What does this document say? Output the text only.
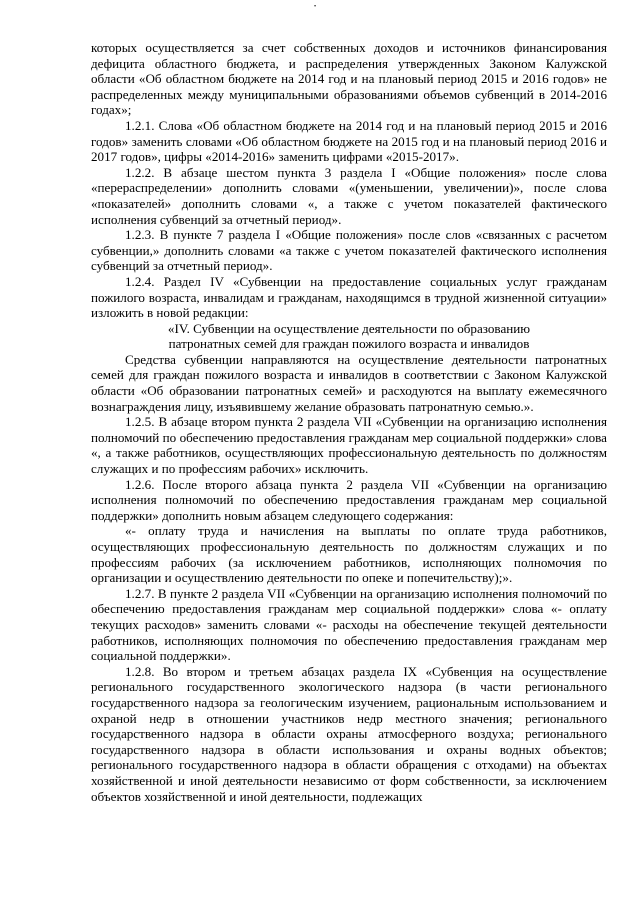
•

которых осуществляется за счет собственных доходов и источников финансирования дефицита областного бюджета, и распределения утвержденных Законом Калужской области «Об областном бюджете на 2014 год и на плановый период 2015 и 2016 годов» не распределенных между муниципальными образованиями объемов субвенций в 2014-2016 годах»;

1.2.1. Слова «Об областном бюджете на 2014 год и на плановый период 2015 и 2016 годов» заменить словами «Об областном бюджете на 2015 год и на плановый период 2016 и 2017 годов», цифры «2014-2016» заменить цифрами «2015-2017».

1.2.2. В абзаце шестом пункта 3 раздела I «Общие положения» после слова «перераспределении» дополнить словами «(уменьшении, увеличении)», после слова «показателей» дополнить словами «, а также с учетом показателей фактического исполнения субвенций за отчетный период».

1.2.3. В пункте 7 раздела I «Общие положения» после слов «связанных с расчетом субвенции,» дополнить словами «а также с учетом показателей фактического исполнения субвенций за отчетный период».

1.2.4. Раздел IV «Субвенции на предоставление социальных услуг гражданам пожилого возраста, инвалидам и гражданам, находящимся в трудной жизненной ситуации» изложить в новой редакции:

«IV. Субвенции на осуществление деятельности по образованию патронатных семей для граждан пожилого возраста и инвалидов

Средства субвенции направляются на осуществление деятельности патронатных семей для граждан пожилого возраста и инвалидов в соответствии с Законом Калужской области «Об образовании патронатных семей» и расходуются на выплату ежемесячного вознаграждения лицу, изъявившему желание образовать патронатную семью.».

1.2.5. В абзаце втором пункта 2 раздела VII «Субвенции на организацию исполнения полномочий по обеспечению предоставления гражданам мер социальной поддержки» слова «, а также работников, осуществляющих профессиональную деятельность по должностям служащих и по профессиям рабочих» исключить.

1.2.6. После второго абзаца пункта 2 раздела VII «Субвенции на организацию исполнения полномочий по обеспечению предоставления гражданам мер социальной поддержки» дополнить новым абзацем следующего содержания:

«- оплату труда и начисления на выплаты по оплате труда работников, осуществляющих профессиональную деятельность по должностям служащих и по профессиям рабочих (за исключением работников, исполняющих полномочия по организации и осуществлению деятельности по опеке и попечительству);».

1.2.7. В пункте 2 раздела VII «Субвенции на организацию исполнения полномочий по обеспечению предоставления гражданам мер социальной поддержки» слова «- оплату текущих расходов» заменить словами «- расходы на обеспечение текущей деятельности работников, исполняющих полномочия по обеспечению предоставления гражданам мер социальной поддержки».

1.2.8. Во втором и третьем абзацах раздела IX «Субвенция на осуществление регионального государственного экологического надзора (в части регионального государственного надзора за геологическим изучением, рациональным использованием и охраной недр в отношении участников недр местного значения; регионального государственного надзора в области охраны атмосферного воздуха; регионального государственного надзора в области использования и охраны водных объектов; регионального государственного надзора в области обращения с отходами) на объектах хозяйственной и иной деятельности независимо от форм собственности, за исключением объектов хозяйственной и иной деятельности, подлежащих
